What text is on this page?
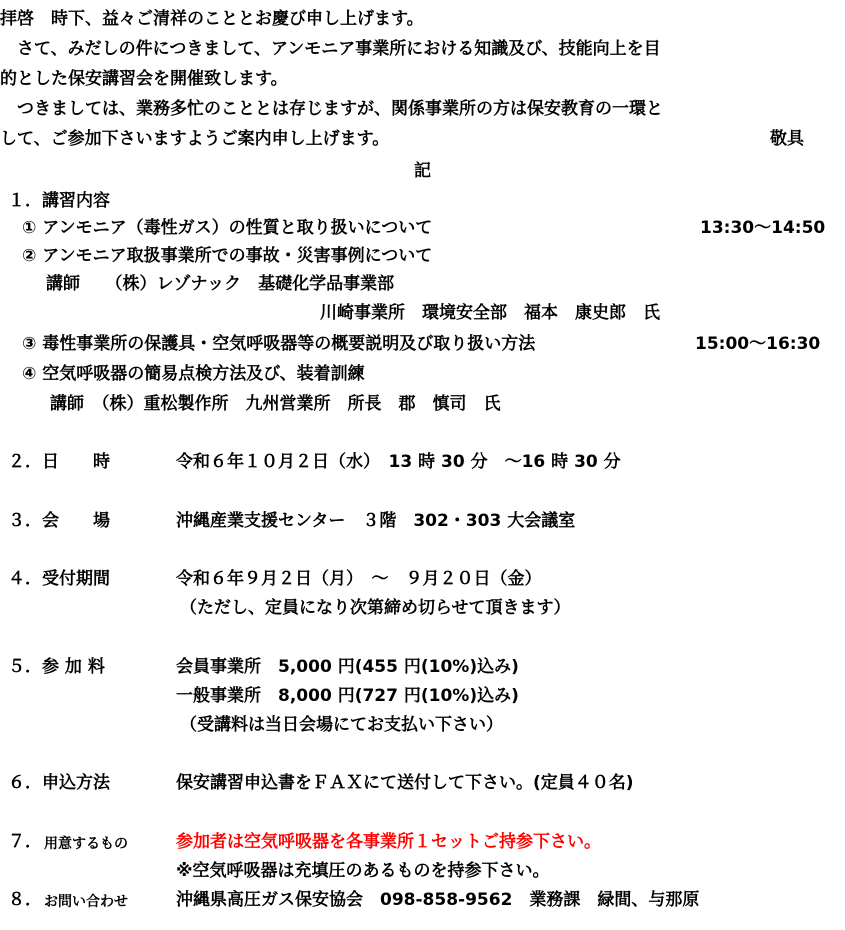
拝啓　時下、益々ご清祥のこととお慶び申し上げます。
　さて、みだしの件につきまして、アンモニア事業所における知識及び、技能向上を目
的とした保安講習会を開催致します。
　つきましては、業務多忙のこととは存じますが、関係事業所の方は保安教育の一環と
して、ご参加下さいますようご案内申し上げます。	敬具
記
１．講習内容
① アンモニア（毒性ガス）の性質と取り扱いについて	13:30〜14:50
② アンモニア取扱事業所での事故・災害事例について
講師　　（株）レゾナック　基礎化学品事業部
川崎事業所　環境安全部　福本　康史郎　氏
③ 毒性事業所の保護具・空気呼吸器等の概要説明及び取り扱い方法	15:00〜16:30
④ 空気呼吸器の簡易点検方法及び、装着訓練
講師　（株）重松製作所　九州営業所　所長　郡　慎司　氏
２．日　　時	令和６年１０月２日（水）　13 時 30 分　〜16 時 30 分
３．会　　場	沖縄産業支援センター　３階　302・303 大会議室
４．受付期間	令和６年９月２日（月）　〜　９月２０日（金）
（ただし、定員になり次第締め切らせて頂きます）
５．参 加 料	会員事業所　5,000 円(455 円(10%)込み)
一般事業所　8,000 円(727 円(10%)込み)
（受講料は当日会場にてお支払い下さい）
６．申込方法	保安講習申込書をＦＡＸにて送付して下さい。(定員４０名)
７． 用意するもの	参加者は空気呼吸器を各事業所１セットご持参下さい。
※空気呼吸器は充填圧のあるものを持参下さい。
８． お問い合わせ	沖縄県高圧ガス保安協会　098-858-9562　業務課　緑間、与那原
